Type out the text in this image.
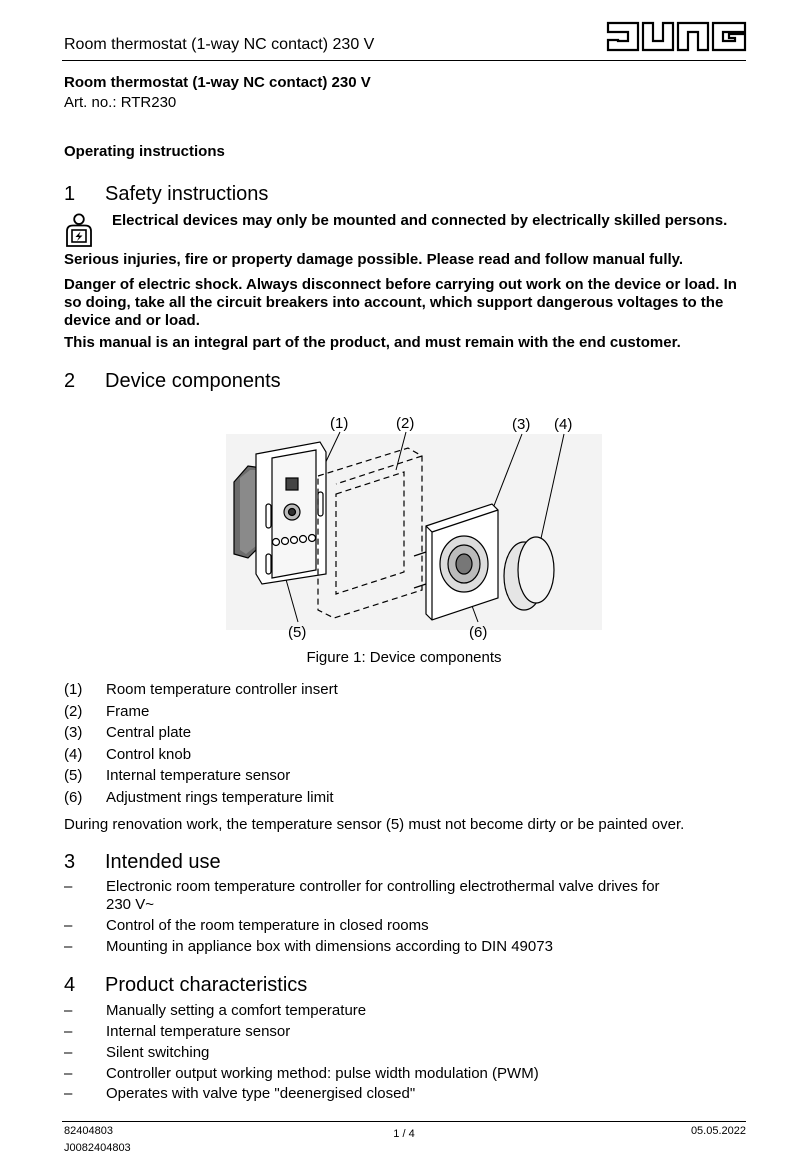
Room thermostat (1-way NC contact) 230 V
Room thermostat (1-way NC contact) 230 V
Art. no.: RTR230
Operating instructions
1 Safety instructions
Electrical devices may only be mounted and connected by electrically skilled persons.
Serious injuries, fire or property damage possible. Please read and follow manual fully.
Danger of electric shock. Always disconnect before carrying out work on the device or load. In so doing, take all the circuit breakers into account, which support dangerous voltages to the device and or load.
This manual is an integral part of the product, and must remain with the end customer.
2 Device components
(1)	(2)	(3) (4)
(5)	(6)
Figure 1: Device components
(1) Room temperature controller insert
(2) Frame
(3) Central plate
(4) Control knob
(5) Internal temperature sensor
(6) Adjustment rings temperature limit
During renovation work, the temperature sensor (5) must not become dirty or be painted over.
3 Intended use
– Electronic room temperature controller for controlling electrothermal valve drives for
230 V~
– Control of the room temperature in closed rooms
– Mounting in appliance box with dimensions according to DIN 49073
4 Product characteristics
– Manually setting a comfort temperature
– Internal temperature sensor
– Silent switching
– Controller output working method: pulse width modulation (PWM)
– Operates with valve type "deenergised closed"
82404803
J0082404803
1 / 4	05.05.2022
